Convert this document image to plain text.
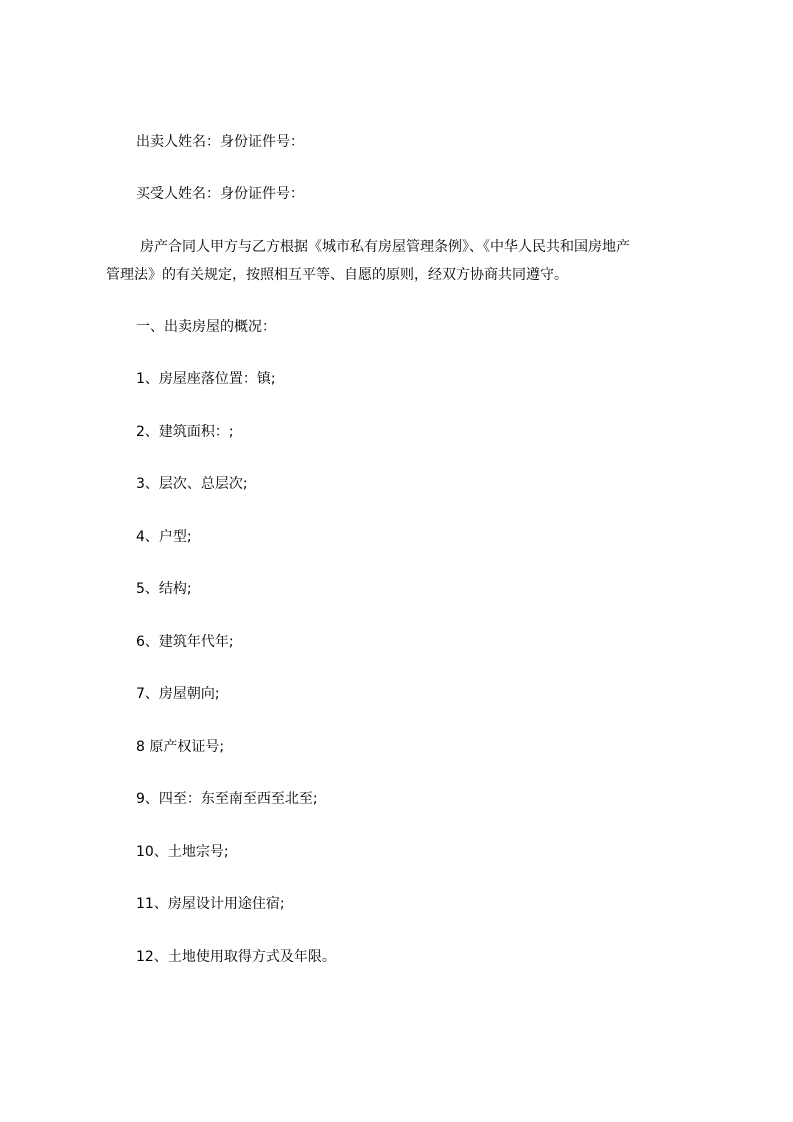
出卖人姓名：身份证件号：
买受人姓名：身份证件号：
房产合同人甲方与乙方根据《城市私有房屋管理条例》、《中华人民共和国房地产
管理法》的有关规定，按照相互平等、自愿的原则，经双方协商共同遵守。
一、出卖房屋的概况：
1、房屋座落位置：镇;
2、建筑面积：;
3、层次、总层次;
4、户型;
5、结构;
6、建筑年代年;
7、房屋朝向;
8 原产权证号;
9、四至：东至南至西至北至;
10、土地宗号;
11、房屋设计用途住宿;
12、土地使用取得方式及年限。
